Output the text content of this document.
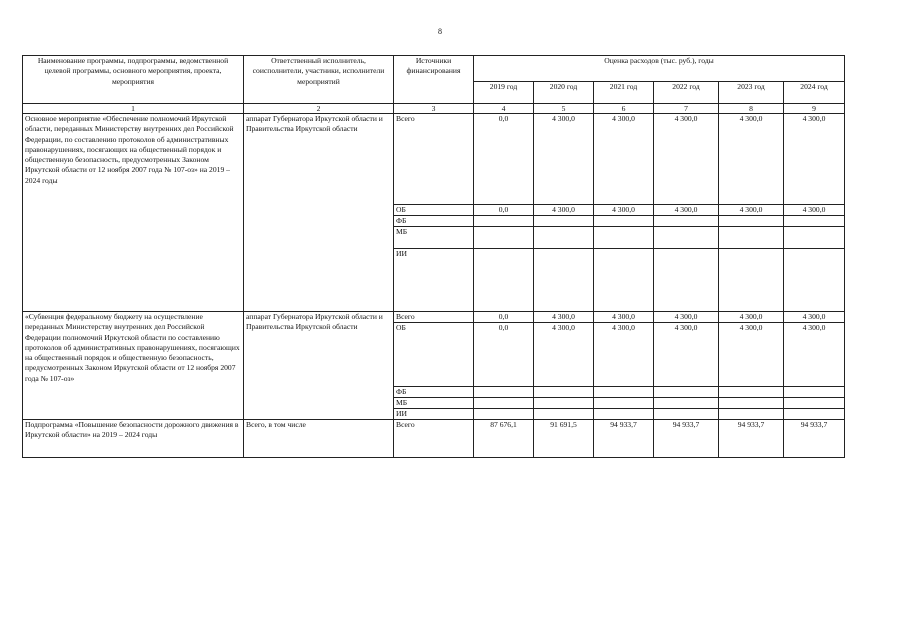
8
Наименование программы, подпрограммы, ведомственной целевой программы, основного мероприятия, проекта, мероприятия	Ответственный исполнитель, соисполнители, участники, исполнители мероприятий	Источники финансирования	Оценка расходов (тыс. руб.), годы					
			2019 год	2020 год	2021 год	2022 год	2023 год	2024 год
1	2	3	4	5	6	7	8	9
Основное мероприятие «Обеспечение полномочий Иркутской области, переданных Министерству внутренних дел Российской Федерации, по составлению протоколов об административных правонарушениях, посягающих на общественный порядок и общественную безопасность, предусмотренных Законом Иркутской области от 12 ноября 2007 года № 107-оз» на 2019 – 2024 годы	аппарат Губернатора Иркутской области и Правительства Иркутской области	Всего	0,0	4 300,0	4 300,0	4 300,0	4 300,0	4 300,0
		ОБ	0,0	4 300,0	4 300,0	4 300,0	4 300,0	4 300,0
		ФБ						
		МБ						
		ИИ						
«Субвенция федеральному бюджету на осуществление переданных Министерству внутренних дел Российской Федерации полномочий Иркутской области по составлению протоколов об административных правонарушениях, посягающих на общественный порядок и общественную безопасность, предусмотренных Законом Иркутской области от 12 ноября 2007 года № 107-оз»	аппарат Губернатора Иркутской области и Правительства Иркутской области	Всего	0,0	4 300,0	4 300,0	4 300,0	4 300,0	4 300,0
		ОБ	0,0	4 300,0	4 300,0	4 300,0	4 300,0	4 300,0
		ФБ						
		МБ						
		ИИ						
Подпрограмма «Повышение безопасности дорожного движения в Иркутской области» на 2019 – 2024 годы	Всего, в том числе	Всего	87 676,1	91 691,5	94 933,7	94 933,7	94 933,7	94 933,7
